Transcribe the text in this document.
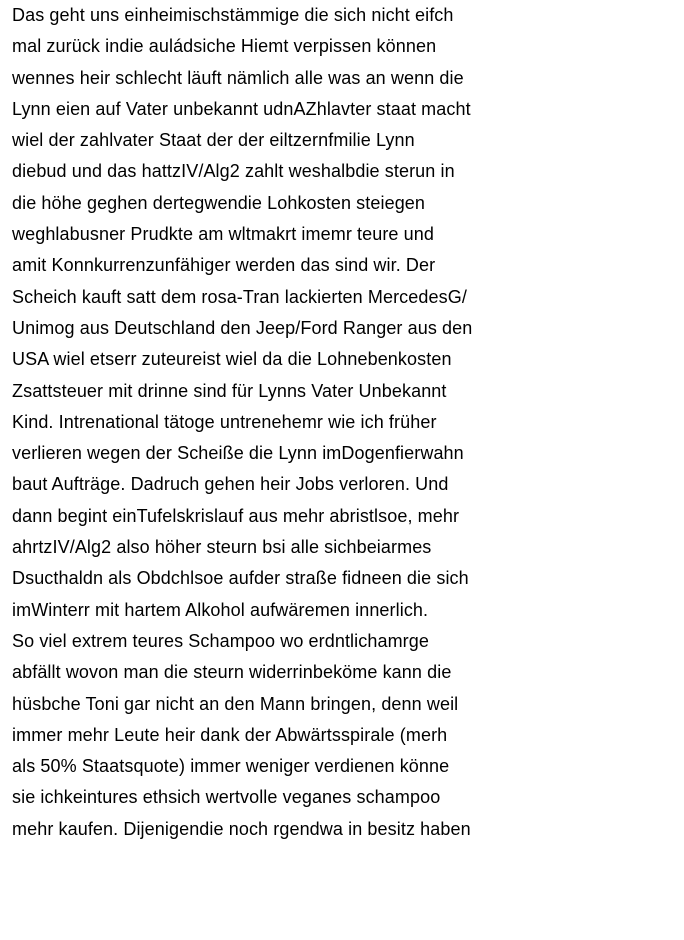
Das geht uns einheimischstämmige die sich nicht eifch
mal zurück indie auládsiche Hiemt verpissen können
wennes heir schlecht läuft nämlich alle was an wenn die
Lynn eien auf Vater unbekannt udnAZhlavter staat macht
wiel der zahlvater Staat der der eiltzernfmilie Lynn
diebud und das hattzIV/Alg2 zahlt weshalbdie sterun in
die höhe geghen dertegwendie Lohkosten steiegen
weghlabusner Prudkte am wltmakrt imemr teure und
amit Konnkurrenzunfähiger werden das sind wir. Der
Scheich kauft satt dem rosa-Tran lackierten MercedesG/
Unimog aus Deutschland den Jeep/Ford Ranger aus den
USA wiel etserr zuteureist wiel da die Lohnebenkosten
Zsattsteuer mit drinne sind für Lynns Vater Unbekannt
Kind. Intrenational tätoge untrenehemr wie ich früher
verlieren wegen der Scheiße die Lynn imDogenfierwahn
baut Aufträge. Dadruch gehen heir Jobs verloren. Und
dann begint einTufelskrislauf aus mehr abristlsoe, mehr
ahrtzIV/Alg2 also höher steurn bsi alle sichbeiarmes
Dsucthaldn als Obdchlsoe aufder straße fidneen die sich
imWinterr mit hartem Alkohol aufwäremen innerlich.
So viel extrem teures Schampoo wo erdntlichamrge
abfällt wovon man die steurn widerrinbeköme kann die
hüsbche Toni gar nicht an den Mann bringen, denn weil
immer mehr Leute heir dank der Abwärtsspirale (merh
als 50% Staatsquote) immer weniger verdienen könne
sie ichkeintures ethsich wertvolle veganes schampoo
mehr kaufen. Dijenigendie noch rgendwa in besitz haben
